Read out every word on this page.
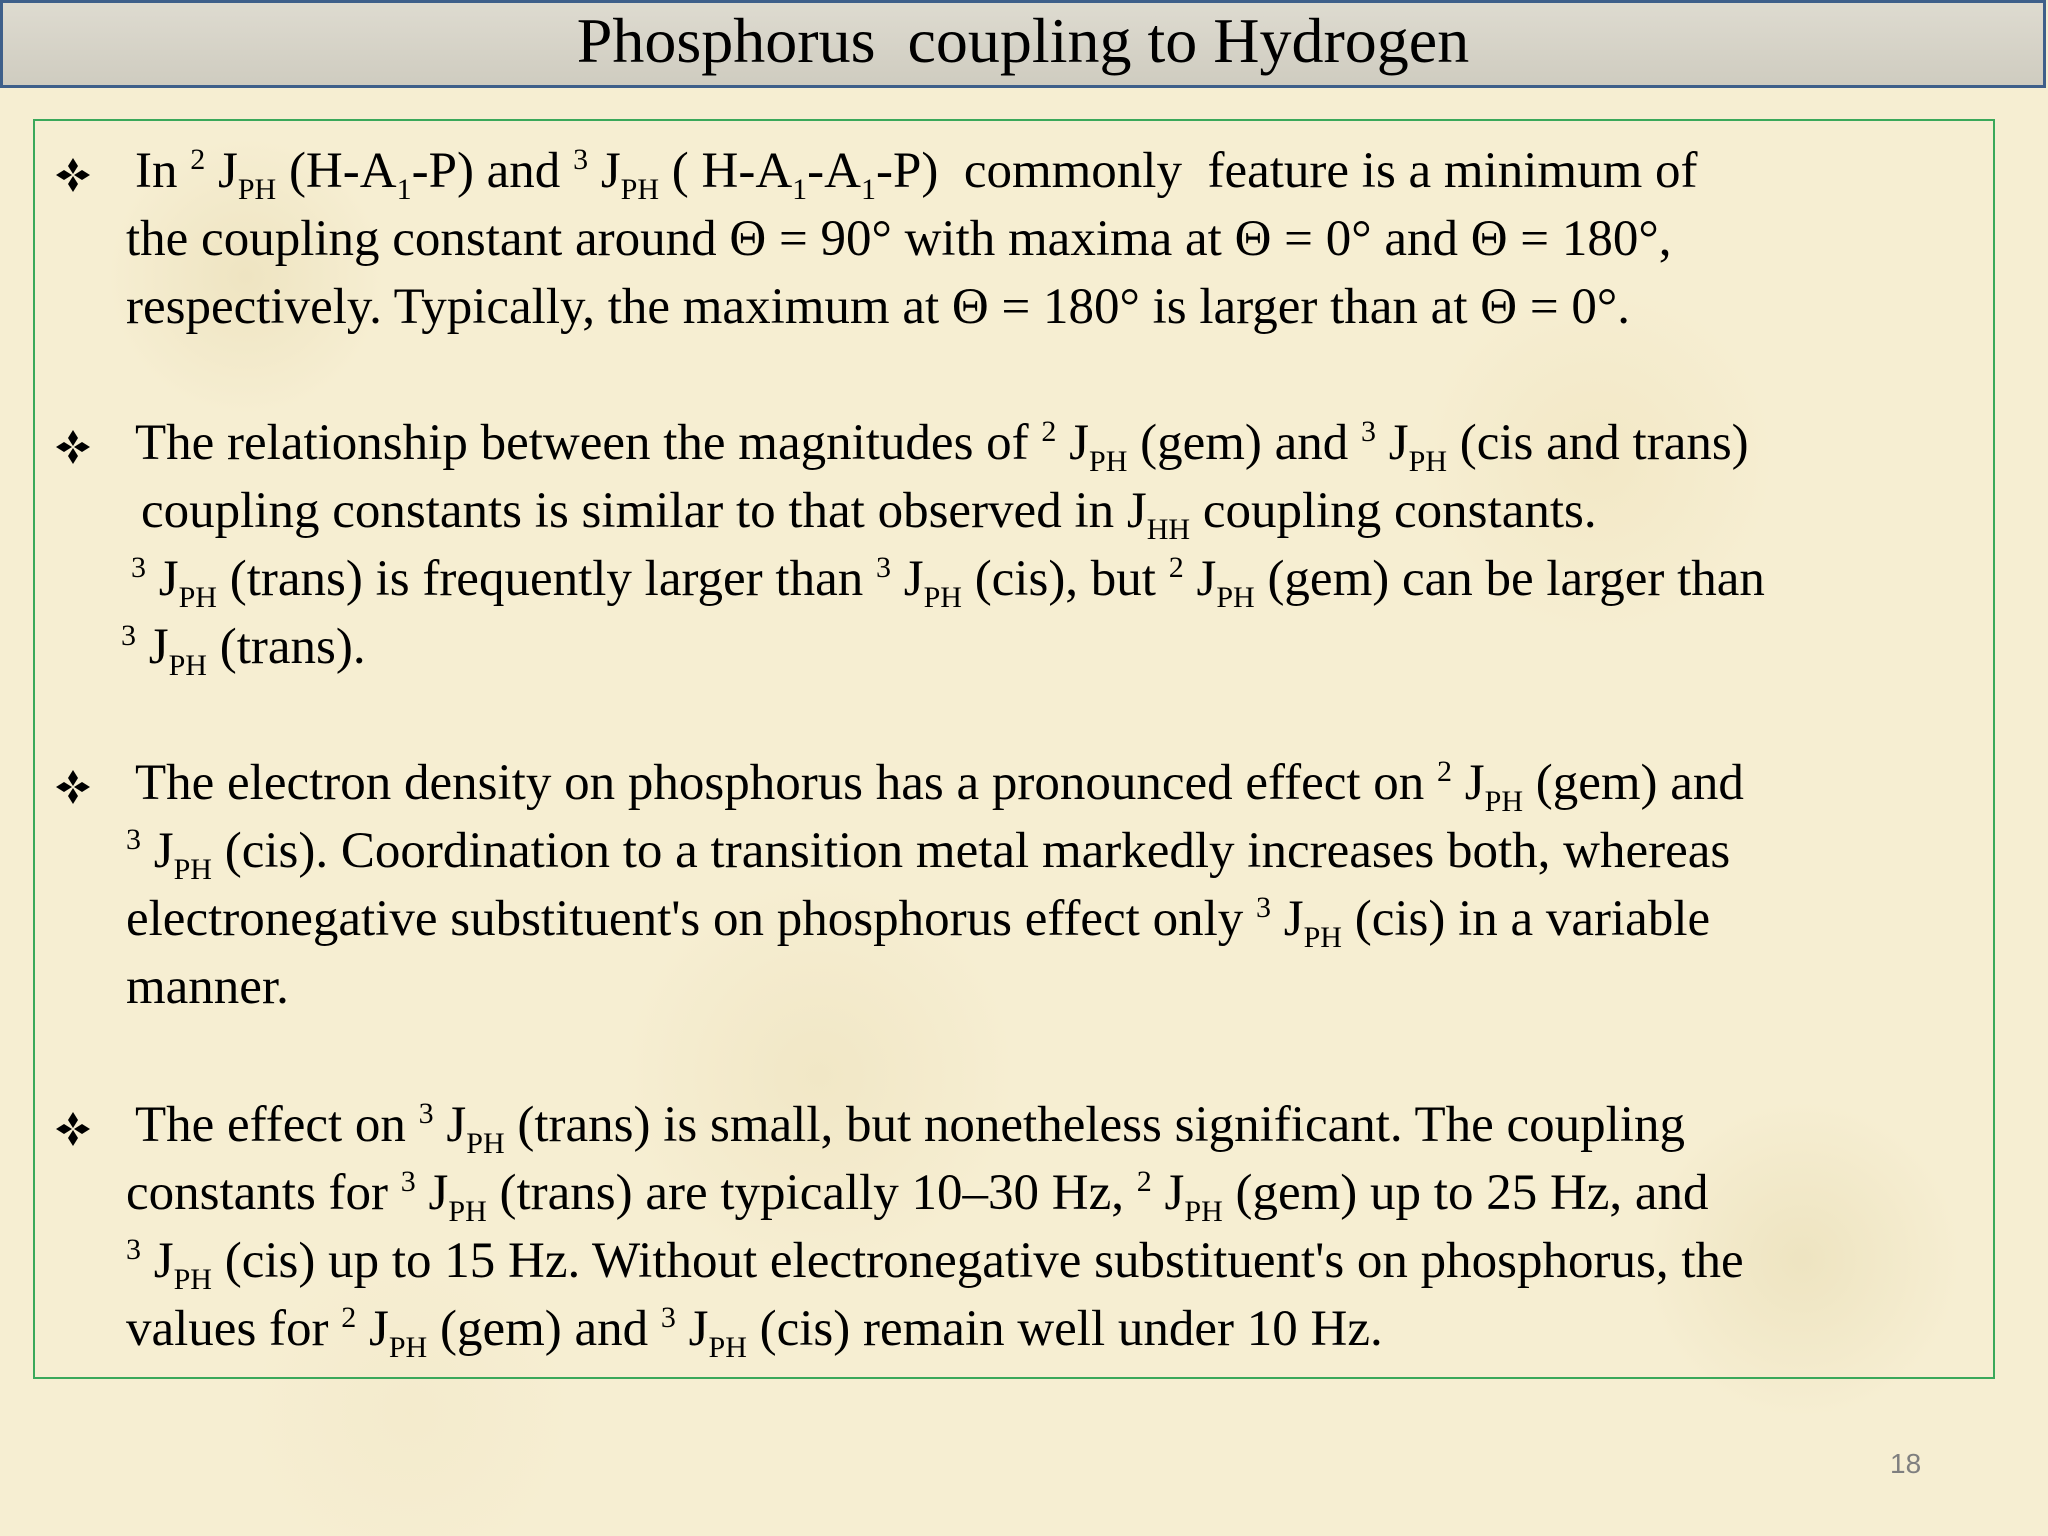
Phosphorus  coupling to Hydrogen
In $^2$ $J_{PH}$ $(H-A_1-P)$ and $^3$ $J_{PH}$ ( $H-A_1-A_1-P$)  commonly  feature is a minimum of
the coupling constant around Θ = 90° with maxima at Θ = 0° and Θ = 180°,
respectively. Typically, the maximum at Θ = 180° is larger than at Θ = 0°.
The relationship between the magnitudes of $^2$ $J_{PH}$ (gem) and $^3$ $J_{PH}$ (cis and trans)
coupling constants is similar to that observed in $J_{HH}$ coupling constants.
$^3$ $J_{PH}$ (trans) is frequently larger than $^3$ $J_{PH}$ (cis), but $^2$ $J_{PH}$ (gem) can be larger than
$^3$ $J_{PH}$ (trans).
The electron density on phosphorus has a pronounced effect on $^2$ $J_{PH}$ (gem) and
$^3$ $J_{PH}$ (cis). Coordination to a transition metal markedly increases both, whereas
electronegative substituent's on phosphorus effect only $^3$ $J_{PH}$ (cis) in a variable
manner.
The effect on $^3$ $J_{PH}$ (trans) is small, but nonetheless significant. The coupling
constants for $^3$ $J_{PH}$ (trans) are typically 10–30 Hz, $^2$ $J_{PH}$ (gem) up to 25 Hz, and
$^3$ $J_{PH}$ (cis) up to 15 Hz. Without electronegative substituent's on phosphorus, the
values for $^2$ $J_{PH}$ (gem) and $^3$ $J_{PH}$ (cis) remain well under 10 Hz.
18
